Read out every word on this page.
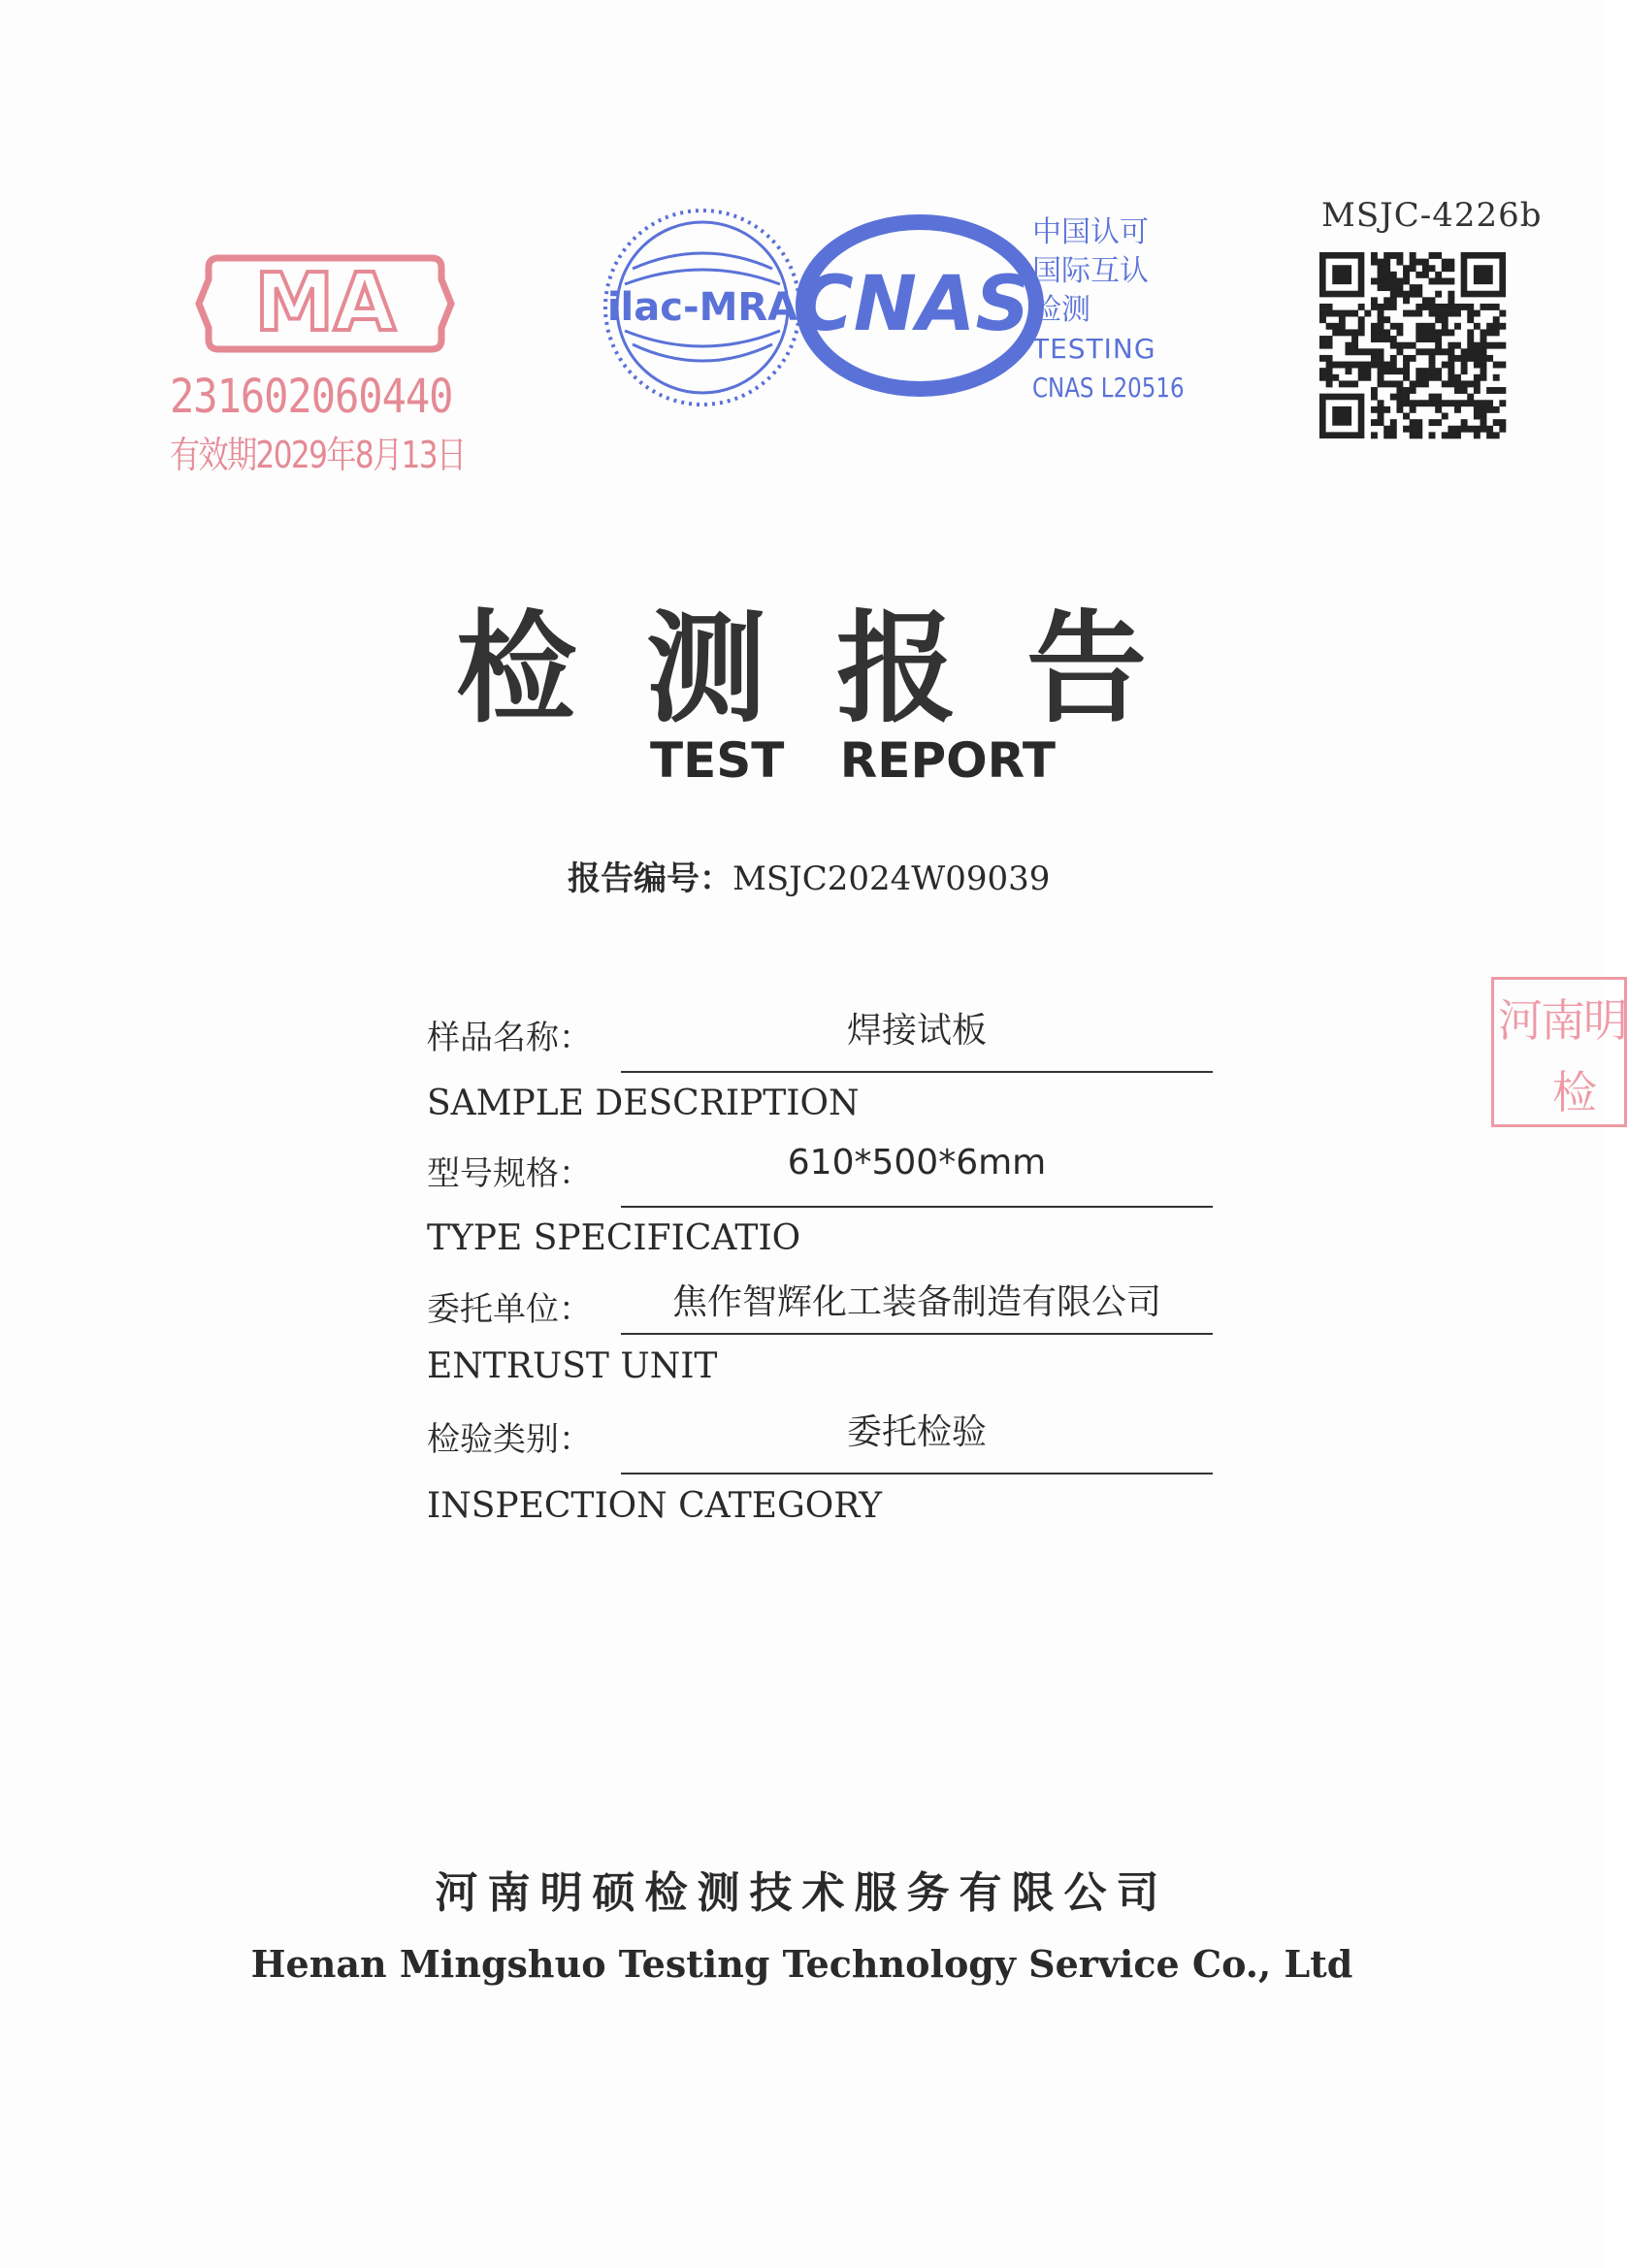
MA
231602060440
有效期2029年8月13日
ilac-MRA CNAS
中国认可
国际互认
检测
TESTING
CNAS L20516
MSJC-4226b
河南明
检
检测报告
TEST REPORT
报告编号：MSJC2024W09039
样品名称：	焊接试板
SAMPLE DESCRIPTION
型号规格：	610*500*6mm
TYPE SPECIFICATIO
委托单位：	焦作智辉化工装备制造有限公司
ENTRUST UNIT
检验类别：	委托检验
INSPECTION CATEGORY
河南明硕检测技术服务有限公司
Henan Mingshuo Testing Technology Service Co., Ltd
